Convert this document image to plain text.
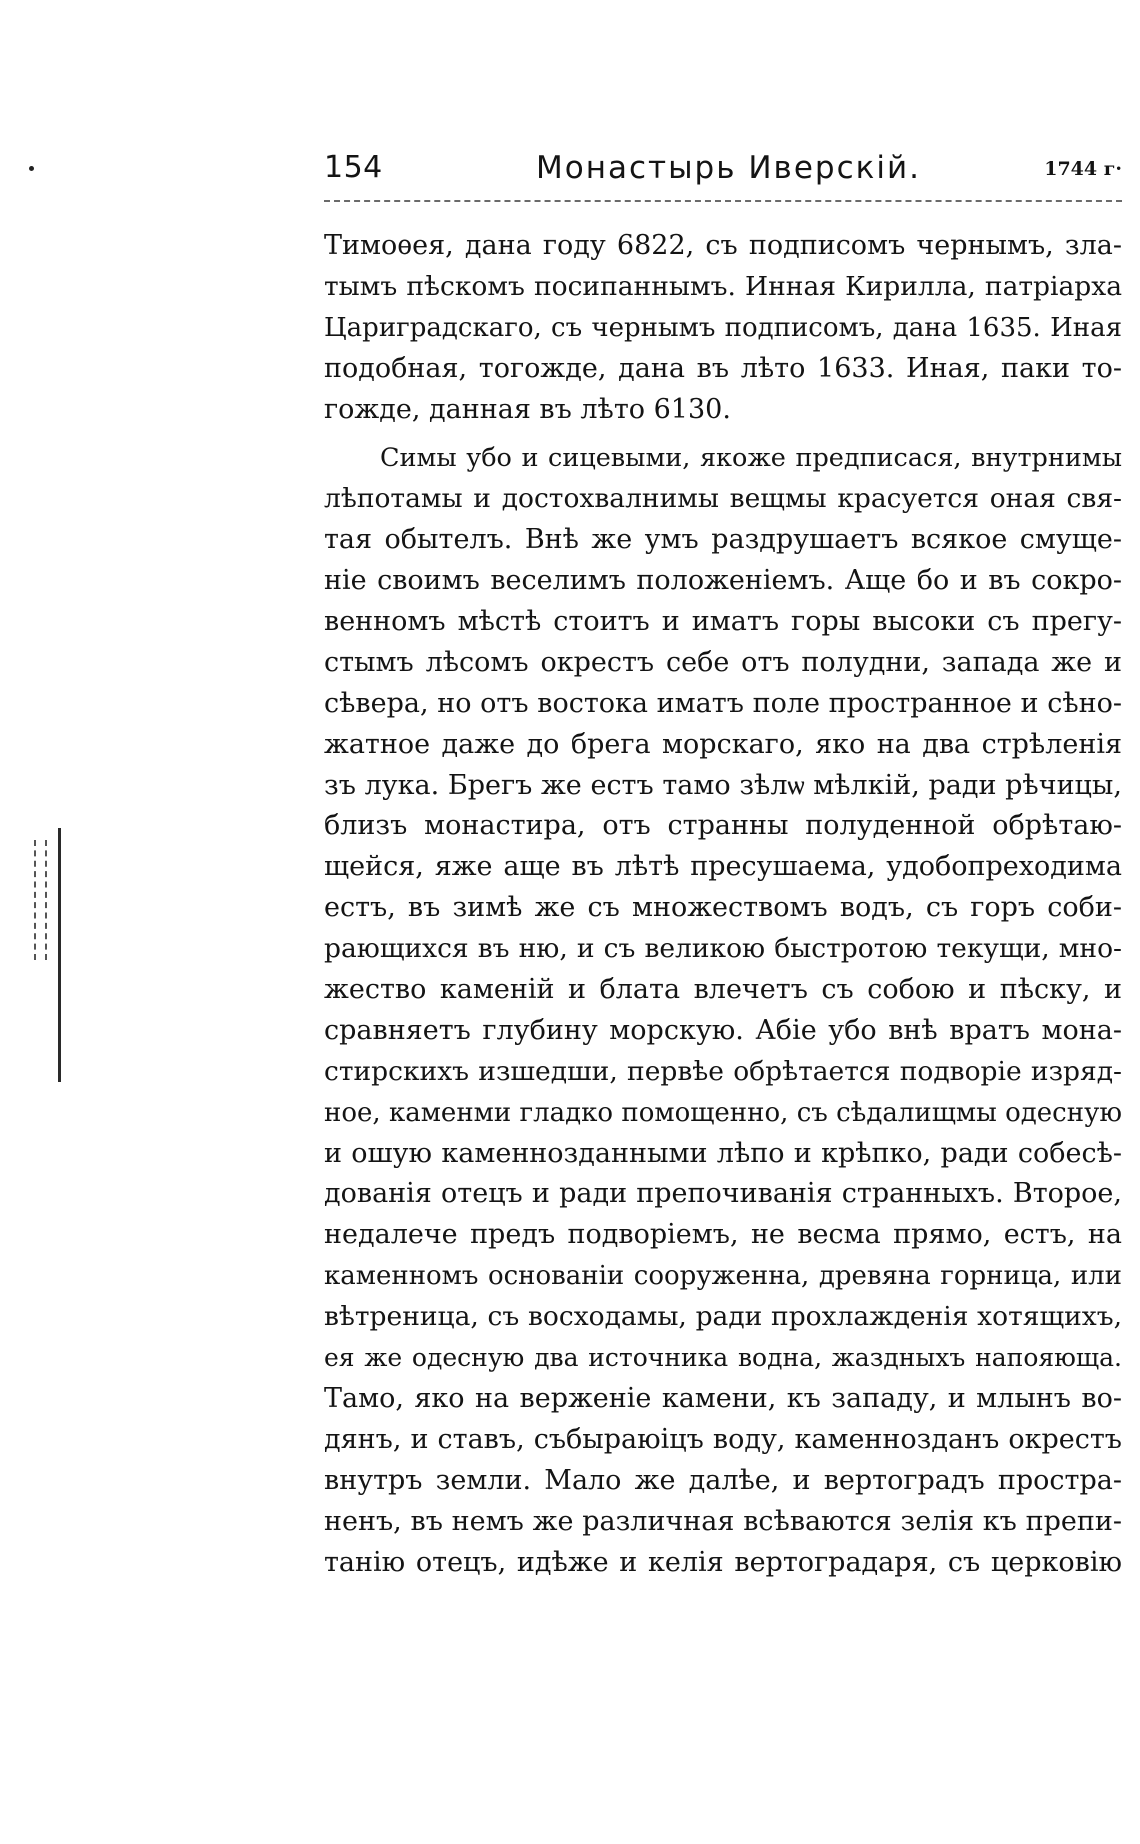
154	Монастырь Иверскій.	1744 г·
Тимоѳея, дана году 6822, съ подписомъ чернымъ, зла-
тымъ пѣскомъ посипаннымъ. Инная Кирилла, патріарха
Цариградскаго, съ чернымъ подписомъ, дана 1635. Иная
подобная, тогожде, дана въ лѣто 1633. Иная, паки то-
гожде, данная въ лѣто 6130.
Симы убо и сицевыми, якоже предписася, внутрнимы
лѣпотамы и достохвалнимы вещмы красуется оная свя-
тая обытелъ. Внѣ же умъ раздрушаетъ всякое смуще-
ніе своимъ веселимъ положеніемъ. Аще бо и въ сокро-
венномъ мѣстѣ стоитъ и иматъ горы высоки съ прегу-
стымъ лѣсомъ окрестъ себе отъ полудни, запада же и
сѣвера, но отъ востока иматъ поле пространное и сѣно-
жатное даже до брега морскаго, яко на два стрѣленія
зъ лука. Брегъ же естъ тамо зѣлѡ мѣлкій, ради рѣчицы,
близъ монастира, отъ странны полуденной обрѣтаю-
щейся, яже аще въ лѣтѣ пресушаема, удобопреходима
естъ, въ зимѣ же съ множествомъ водъ, съ горъ соби-
рающихся въ ню, и съ великою быстротою текущи, мно-
жество каменій и блата влечетъ съ собою и пѣску, и
сравняетъ глубину морскую. Абіе убо внѣ вратъ мона-
стирскихъ изшедши, первѣе обрѣтается подворіе изряд-
ное, каменми гладко помощенно, съ сѣдалищмы одесную
и ошую каменнозданными лѣпо и крѣпко, ради собесѣ-
дованія отецъ и ради препочиванія странныхъ. Второе,
недалече предъ подворіемъ, не весма прямо, естъ, на
каменномъ основаніи сооруженна, древяна горница, или
вѣтреница, съ восходамы, ради прохлажденія хотящихъ,
ея же одесную два источника водна, жаздныхъ напояюща.
Тамо, яко на верженіе камени, къ западу, и млынъ во-
дянъ, и ставъ, събыраюіцъ воду, каменнозданъ окрестъ
внутръ земли. Мало же далѣе, и вертоградъ простра-
ненъ, въ немъ же различная всѣваются зелія къ препи-
танію отецъ, идѣже и келія вертоградаря, съ церковію
